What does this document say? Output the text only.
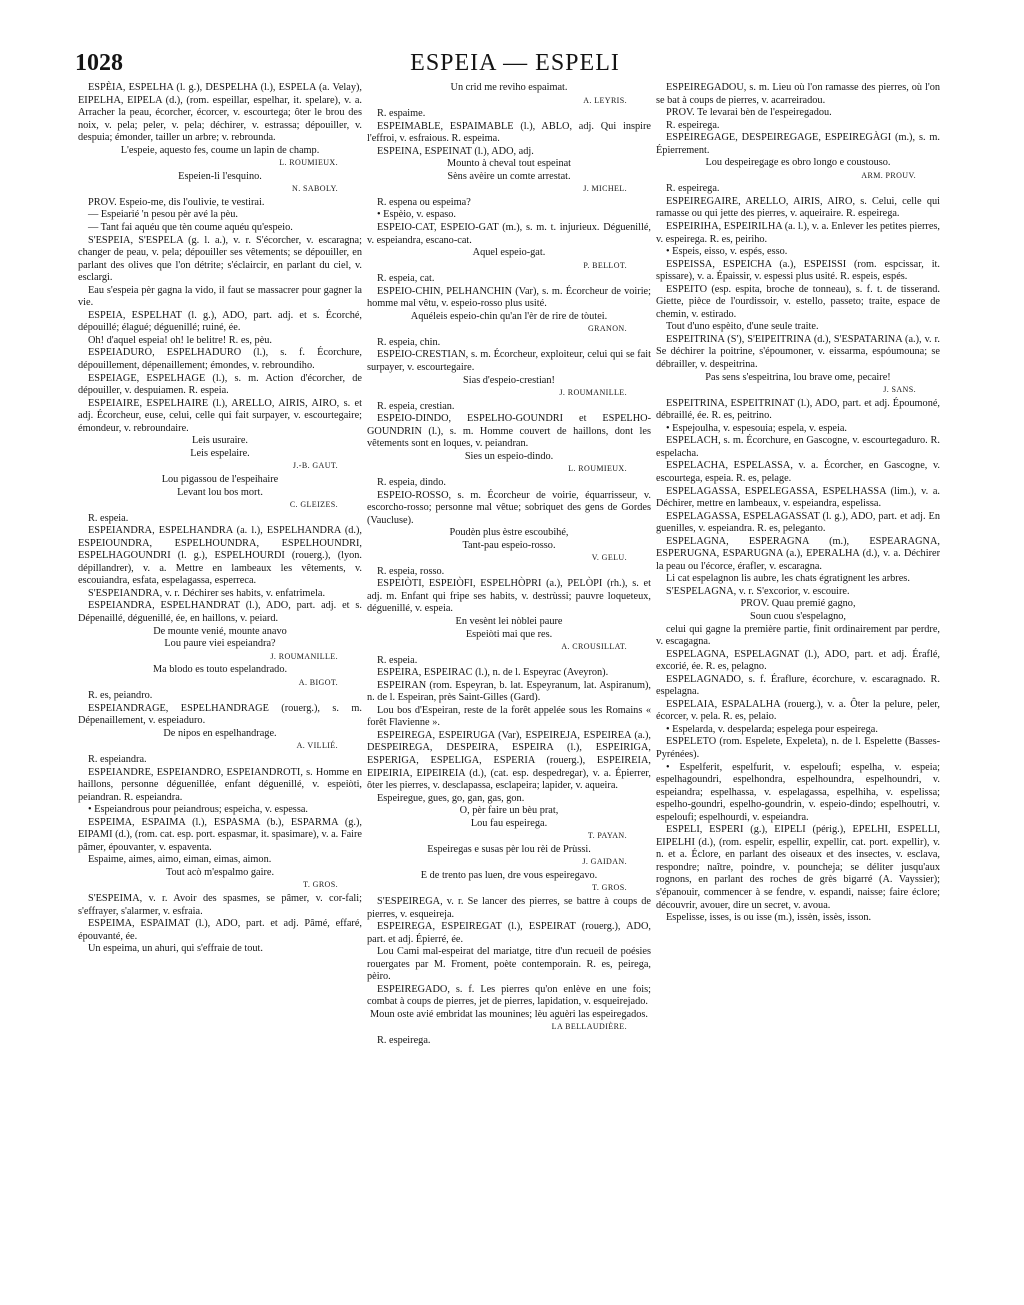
1028	ESPEIA — ESPELI

ESPÈIA, ESPELHA (l. g.), DESPELHA (l.), ESPELA (a. Velay), EIPELHA, EIPELA (d.), (rom. espeillar, espelhar, it. spelare), v. a. Arracher la peau, écorcher, écorcer, v. escourtega; ôter le brou des noix, v. pela; peler, v. pela; déchirer, v. estrassa; dépouiller, v. despuia; émonder, tailler un arbre; v. rebrounda.

L'espeie, aquesto fes, coume un lapin de champ.

L. ROUMIEUX.

Espeien-li l'esquino.

N. SABOLY.

PROV. Espeio-me, dis l'oulivie, te vestirai.

— Espeiarié 'n pesou pèr avé la pèu.

— Tant fai aquéu que tèn coume aquéu qu'espeio.

S'ESPEIA, S'ESPELA (g. l. a.), v. r. S'écorcher, v. escaragna; changer de peau, v. pela; dépouiller ses vêtements; se dépouiller, en parlant des olives que l'on détrite; s'éclaircir, en parlant du ciel, v. esclargi.

Eau s'espeia pèr gagna la vido, il faut se massacrer pour gagner la vie.

ESPEIA, ESPELHAT (l. g.), ADO, part. adj. et s. Écorché, dépouillé; élagué; déguenillé; ruiné, ée.

Oh! d'aquel espeia! oh! le belitre! R. es, pèu.

ESPEIADURO, ESPELHADURO (l.), s. f. Écorchure, dépouillement, dépenaillement; émondes, v. rebroundiho.

ESPEIAGE, ESPELHAGE (l.), s. m. Action d'écorcher, de dépouiller, v. despuiamen. R. espeia.

ESPEIAIRE, ESPELHAIRE (l.), ARELLO, AIRIS, AIRO, s. et adj. Écorcheur, euse, celui, celle qui fait surpayer, v. escourtegaire; émondeur, v. rebroundaire.

Leis usuraire.

Leis espelaire.

J.-B. GAUT.

Lou pigassou de l'espeihaire

Levant lou bos mort.

C. GLEIZES.

R. espeia.

ESPEIANDRA, ESPELHANDRA (a. l.), ESPELHANDRA (d.), ESPEIOUNDRA, ESPELHOUNDRA, ESPELHOUNDRI, ESPELHAGOUNDRI (l. g.), ESPELHOURDI (rouerg.), (lyon. dépillandrer), v. a. Mettre en lambeaux les vêtements, v. escouiandra, esfata, espelagassa, esperreca.

S'ESPEIANDRA, v. r. Déchirer ses habits, v. enfatrimela.

ESPEIANDRA, ESPELHANDRAT (l.), ADO, part. adj. et s. Dépenaillé, déguenillé, ée, en haillons, v. peiard.

De mounte venié, mounte anavo

Lou paure viei espeiandra?

J. ROUMANILLE.

Ma blodo es touto espelandrado.

A. BIGOT.

R. es, peiandro.

ESPEIANDRAGE, ESPELHANDRAGE (rouerg.), s. m. Dépenaillement, v. espeiaduro.

De nipos en espelhandrage.

A. VILLIÉ.

R. espeiandra.

ESPEIANDRE, ESPEIANDRO, ESPEIANDROTI, s. Homme en haillons, personne déguenillée, enfant déguenillé, v. espeiòti, peiandran. R. espeiandra.

• Espeiandrous pour peiandrous; espeicha, v. espessa.

ESPEIMA, ESPAIMA (l.), ESPASMA (b.), ESPARMA (g.), EIPAMI (d.), (rom. cat. esp. port. espasmar, it. spasimare), v. a. Faire pâmer, épouvanter, v. espaventa.

Espaime, aimes, aimo, eiman, eimas, aimon.

Tout acò m'espalmo gaire.

T. GROS.

S'ESPEIMA, v. r. Avoir des spasmes, se pâmer, v. cor-fali; s'effrayer, s'alarmer, v. esfraia.

ESPEIMA, ESPAIMAT (l.), ADO, part. et adj. Pâmé, effaré, épouvanté, ée.

Un espeima, un ahuri, qui s'effraie de tout.

Un crid me reviho espaimat.

A. LEYRIS.

R. espaime.

ESPEIMABLE, ESPAIMABLE (l.), ABLO, adj. Qui inspire l'effroi, v. esfraious. R. espeima.

ESPEINA, ESPEINAT (l.), ADO, adj.

Mounto à cheval tout espeinat

Sèns avèire un comte arrestat.

J. MICHEL.

R. espena ou espeima?

• Espèio, v. espaso.

ESPEIO-CAT, ESPEIO-GAT (m.), s. m. t. injurieux. Déguenillé, v. espeiandra, escano-cat.

Aquel espeio-gat.

P. BELLOT.

R. espeia, cat.

ESPEIO-CHIN, PELHANCHIN (Var), s. m. Écorcheur de voirie; homme mal vêtu, v. espeio-rosso plus usité.

Aquéleis espeio-chin qu'an l'èr de rire de tòutei.

GRANON.

R. espeia, chin.

ESPEIO-CRESTIAN, s. m. Écorcheur, exploiteur, celui qui se fait surpayer, v. escourtegaire.

Sias d'espeio-crestian!

J. ROUMANILLE.

R. espeia, crestian.

ESPEIO-DINDO, ESPELHO-GOUNDRI et ESPELHO-GOUNDRIN (l.), s. m. Homme couvert de haillons, dont les vêtements sont en loques, v. peiandran.

Sies un espeio-dindo.

L. ROUMIEUX.

R. espeia, dindo.

ESPEIO-ROSSO, s. m. Écorcheur de voirie, équarrisseur, v. escorcho-rosso; personne mal vêtue; sobriquet des gens de Gordes (Vaucluse).

Poudèn plus èstre escoubihé,

Tant-pau espeio-rosso.

V. GELU.

R. espeia, rosso.

ESPEIÒTI, ESPEIÒFI, ESPELHÒPRI (a.), PELÒPI (rh.), s. et adj. m. Enfant qui fripe ses habits, v. destrùssi; pauvre loqueteux, déguenillé, v. espeia.

En vesènt lei nòblei paure

Espeiòti mai que res.

A. CROUSILLAT.

R. espeia.

ESPEIRA, ESPEIRAC (l.), n. de l. Espeyrac (Aveyron).

ESPEIRAN (rom. Espeyran, b. lat. Espeyranum, lat. Aspiranum), n. de l. Espeiran, près Saint-Gilles (Gard).

Lou bos d'Espeiran, reste de la forêt appelée sous les Romains « forêt Flavienne ».

ESPEIREGA, ESPEIRUGA (Var), ESPEIREJA, ESPEIREA (a.), DESPEIREGA, DESPEIRA, ESPEIRA (l.), ESPEIRIGA, ESPERIGA, ESPELIGA, ESPERIA (rouerg.), ESPEIREIA, EIPEIRIA, EIPEIREIA (d.), (cat. esp. despedregar), v. a. Épierrer, ôter les pierres, v. desclapassa, esclapeira; lapider, v. aqueira.

Espeiregue, gues, go, gan, gas, gon.

O, pèr faire un bèu prat,

Lou fau espeirega.

T. PAYAN.

Espeiregas e susas pèr lou rèi de Prùssi.

J. GAIDAN.

E de trento pas luen, dre vous espeiregavo.

T. GROS.

S'ESPEIREGA, v. r. Se lancer des pierres, se battre à coups de pierres, v. esqueireja.

ESPEIREGA, ESPEIREGAT (l.), ESPEIRAT (rouerg.), ADO, part. et adj. Épierré, ée.

Lou Cami mal-espeirat del mariatge, titre d'un recueil de poésies rouergates par M. Froment, poète contemporain. R. es, peirega, pèiro.

ESPEIREGADO, s. f. Les pierres qu'on enlève en une fois; combat à coups de pierres, jet de pierres, lapidation, v. esqueirejado.

Moun oste avié embridat las mounines; lèu aguèri las espeiregados.

LA BELLAUDIÈRE.

R. espeirega.

ESPEIREGADOU, s. m. Lieu où l'on ramasse des pierres, où l'on se bat à coups de pierres, v. acarreiradou.

PROV. Te levarai bèn de l'espeiregadou.

R. espeirega.

ESPEIREGAGE, DESPEIREGAGE, ESPEIREGÀGI (m.), s. m. Épierrement.

Lou despeiregage es obro longo e coustouso.

ARM. PROUV.

R. espeirega.

ESPEIREGAIRE, ARELLO, AIRIS, AIRO, s. Celui, celle qui ramasse ou qui jette des pierres, v. aqueiraire. R. espeirega.

ESPEIRIHA, ESPEIRILHA (a. l.), v. a. Enlever les petites pierres, v. espeirega. R. es, peiriho.

• Espeis, eisso, v. espés, esso.

ESPEISSA, ESPEICHA (a.), ESPEISSI (rom. espcissar, it. spissare), v. a. Épaissir, v. espessi plus usité. R. espeis, espés.

ESPEITO (esp. espita, broche de tonneau), s. f. t. de tisserand. Giette, pièce de l'ourdissoir, v. estello, passeto; traite, espace de chemin, v. estirado.

Tout d'uno espèito, d'une seule traite.

ESPEITRINA (S'), S'EIPEITRINA (d.), S'ESPATARINA (a.), v. r. Se déchirer la poitrine, s'époumoner, v. eissarma, espóumouna; se débrailler, v. despeitrina.

Pas sens s'espeitrina, lou brave ome, pecaire!

J. SANS.

ESPEITRINA, ESPEITRINAT (l.), ADO, part. et adj. Époumoné, débraillé, ée. R. es, peitrino.

• Espejoulha, v. espesouia; espela, v. espeia.

ESPELACH, s. m. Écorchure, en Gascogne, v. escourtegaduro. R. espelacha.

ESPELACHA, ESPELASSA, v. a. Écorcher, en Gascogne, v. escourtega, espeia. R. es, pelage.

ESPELAGASSA, ESPELEGASSA, ESPELHASSA (lim.), v. a. Déchirer, mettre en lambeaux, v. espeiandra, espelissa.

ESPELAGASSA, ESPELAGASSAT (l. g.), ADO, part. et adj. En guenilles, v. espeiandra. R. es, peleganto.

ESPELAGNA, ESPERAGNA (m.), ESPEARAGNA, ESPERUGNA, ESPARUGNA (a.), EPERALHA (d.), v. a. Déchirer la peau ou l'écorce, érafler, v. escaragna.

Li cat espelagnon lis aubre, les chats égratignent les arbres.

S'ESPELAGNA, v. r. S'excorior, v. escouire.

PROV. Quau premié gagno,

Soun cuou s'espelagno,

celui qui gagne la première partie, finit ordinairement par perdre, v. escagagna.

ESPELAGNA, ESPELAGNAT (l.), ADO, part. et adj. Éraflé, excorié, ée. R. es, pelagno.

ESPELAGNADO, s. f. Éraflure, écorchure, v. escaragnado. R. espelagna.

ESPELAIA, ESPALALHA (rouerg.), v. a. Ôter la pelure, peler, écorcer, v. pela. R. es, pelaio.

• Espelarda, v. despelarda; espelega pour espeirega.

ESPELETO (rom. Espelete, Expeleta), n. de l. Espelette (Basses-Pyrénées).

• Espelferit, espelfurit, v. espeloufi; espelha, v. espeia; espelhagoundri, espelhondra, espelhoundra, espelhoundri, v. espeiandra; espelhassa, v. espelagassa, espelhiha, v. espelissa; espelho-goundri, espelho-goundrin, v. espeio-dindo; espelhoutri, v. espeloufi; espelhourdi, v. espeiandra.

ESPELI, ESPERI (g.), EIPELI (périg.), EPELHI, ESPELLI, EIPELHI (d.), (rom. espelir, espellir, expellir, cat. port. expellir), v. n. et a. Éclore, en parlant des oiseaux et des insectes, v. esclava, respondre; naître, poindre, v. pouncheja; se déliter jusqu'aux rognons, en parlant des roches de grès bigarré (A. Vayssier); s'épanouir, commencer à se fendre, v. espandi, naisse; faire éclore; découvrir, avouer, dire un secret, v. avoua.

Espelisse, isses, is ou isse (m.), issèn, issès, isson.
